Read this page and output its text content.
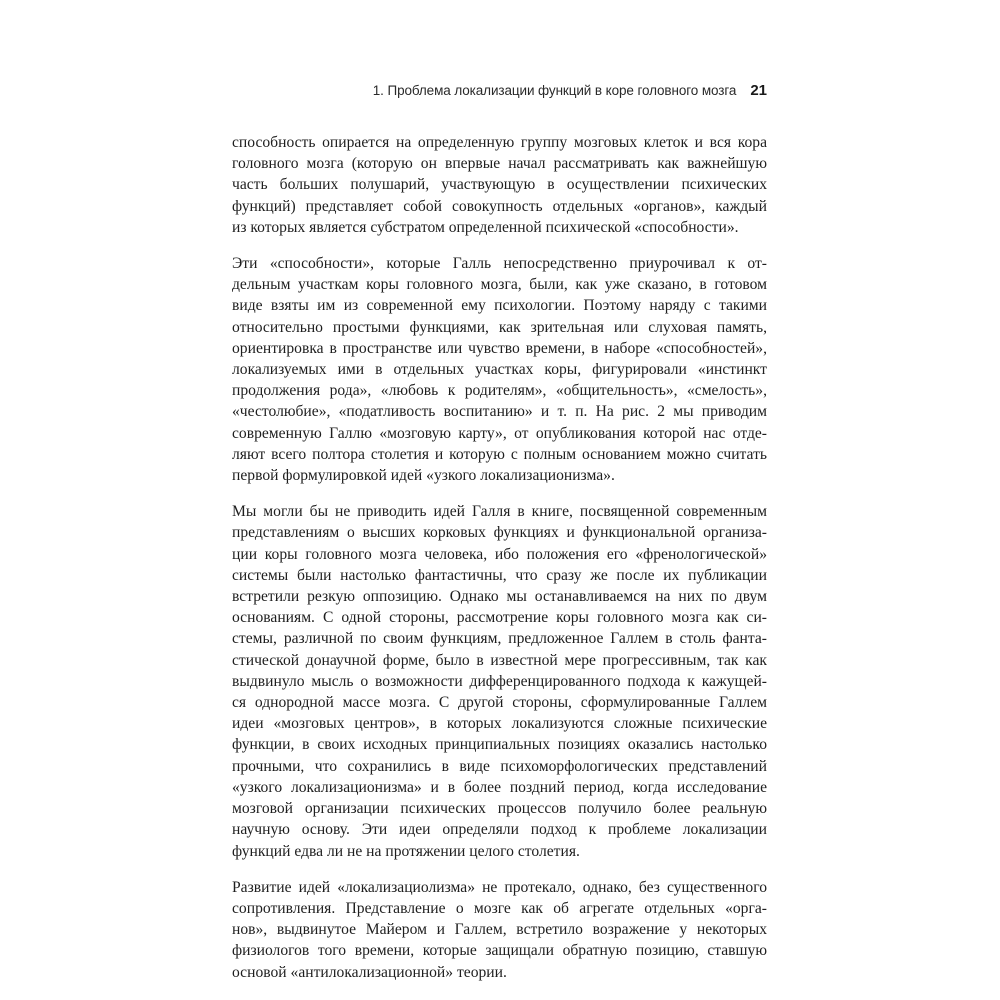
1. Проблема локализации функций в коре головного мозга 21

способность опирается на определенную группу мозговых клеток и вся кора
головного мозга (которую он впервые начал рассматривать как важнейшую
часть больших полушарий, участвующую в осуществлении психических
функций) представляет собой совокупность отдельных «органов», каждый
из которых является субстратом определенной психической «способности».

Эти «способности», которые Галль непосредственно приурочивал к от-
дельным участкам коры головного мозга, были, как уже сказано, в готовом
виде взяты им из современной ему психологии. Поэтому наряду с такими
относительно простыми функциями, как зрительная или слуховая память,
ориентировка в пространстве или чувство времени, в наборе «способностей»,
локализуемых ими в отдельных участках коры, фигурировали «инстинкт
продолжения рода», «любовь к родителям», «общительность», «смелость»,
«честолюбие», «податливость воспитанию» и т. п. На рис. 2 мы приводим
современную Галлю «мозговую карту», от опубликования которой нас отде-
ляют всего полтора столетия и которую с полным основанием можно считать
первой формулировкой идей «узкого локализационизма».

Мы могли бы не приводить идей Галля в книге, посвященной современным
представлениям о высших корковых функциях и функциональной организа-
ции коры головного мозга человека, ибо положения его «френологической»
системы были настолько фантастичны, что сразу же после их публикации
встретили резкую оппозицию. Однако мы останавливаемся на них по двум
основаниям. С одной стороны, рассмотрение коры головного мозга как си-
стемы, различной по своим функциям, предложенное Галлем в столь фанта-
стической донаучной форме, было в известной мере прогрессивным, так как
выдвинуло мысль о возможности дифференцированного подхода к кажущей-
ся однородной массе мозга. С другой стороны, сформулированные Галлем
идеи «мозговых центров», в которых локализуются сложные психические
функции, в своих исходных принципиальных позициях оказались настолько
прочными, что сохранились в виде психоморфологических представлений
«узкого локализационизма» и в более поздний период, когда исследование
мозговой организации психических процессов получило более реальную
научную основу. Эти идеи определяли подход к проблеме локализации
функций едва ли не на протяжении целого столетия.

Развитие идей «локализациолизма» не протекало, однако, без существенного
сопротивления. Представление о мозге как об агрегате отдельных «орга-
нов», выдвинутое Майером и Галлем, встретило возражение у некоторых
физиологов того времени, которые защищали обратную позицию, ставшую
основой «антилокализационной» теории.
